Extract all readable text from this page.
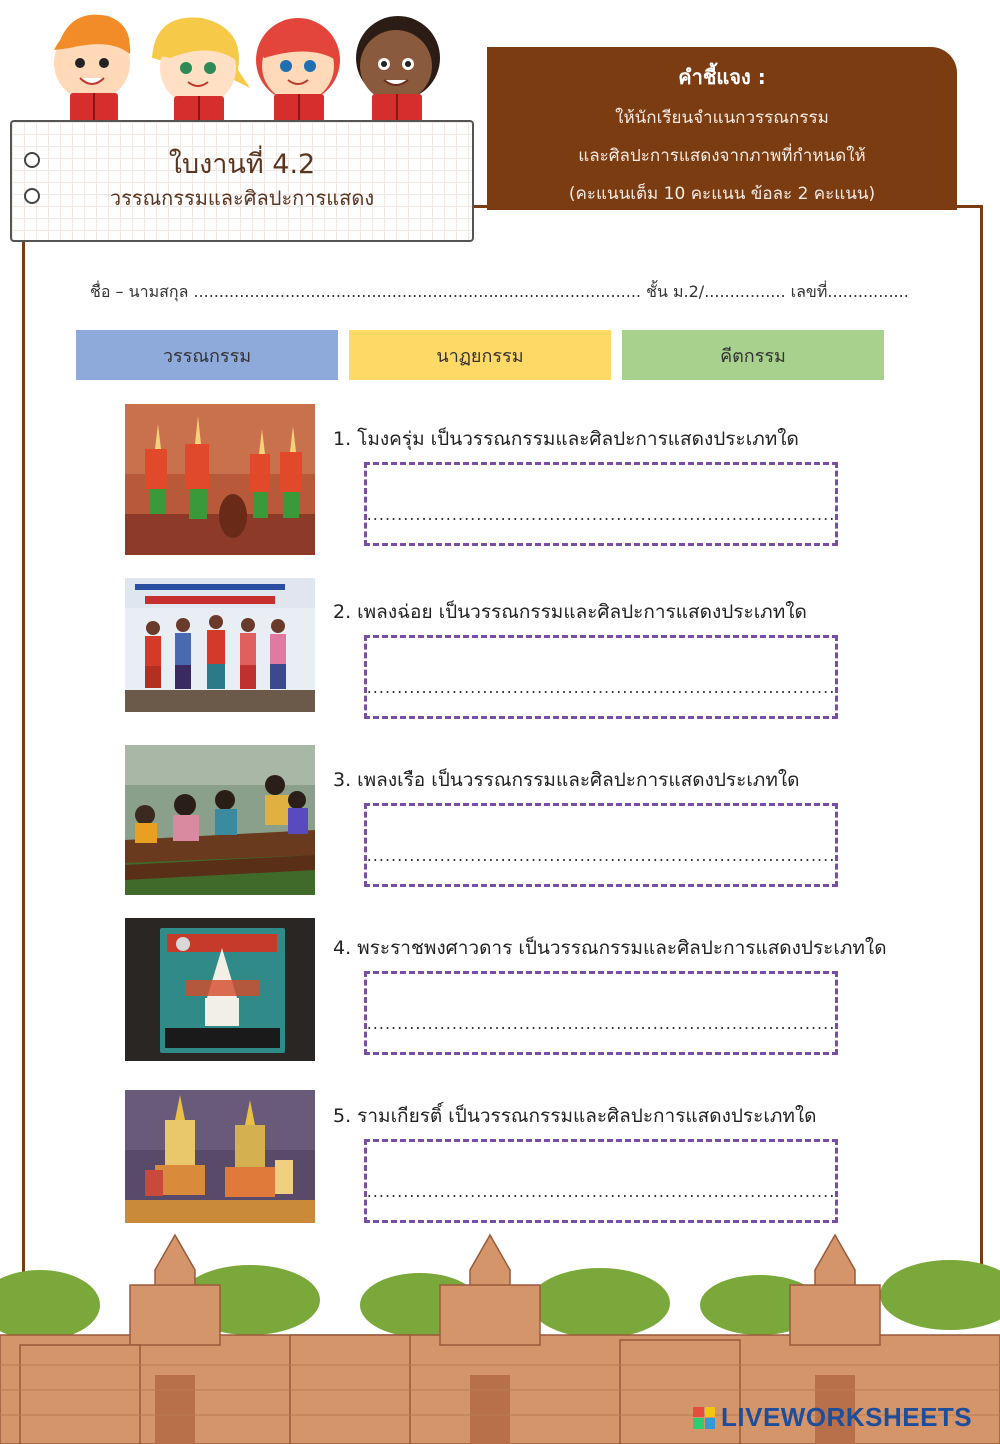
ใบงานที่ 4.2
วรรณกรรมและศิลปะการแสดง
คำชี้แจง :
ให้นักเรียนจำแนกวรรณกรรม
และศิลปะการแสดงจากภาพที่กำหนดให้
(คะแนนเต็ม 10 คะแนน ข้อละ 2 คะแนน)
ชื่อ – นามสกุล ........................................................................................ ชั้น ม.2/................ เลขที่................
วรรณกรรม	นาฏยกรรม	คีตกรรม
1. โมงครุ่ม เป็นวรรณกรรมและศิลปะการแสดงประเภทใด
.............................................................................
2. เพลงฉ่อย เป็นวรรณกรรมและศิลปะการแสดงประเภทใด
.............................................................................
3. เพลงเรือ เป็นวรรณกรรมและศิลปะการแสดงประเภทใด
.............................................................................
4. พระราชพงศาวดาร เป็นวรรณกรรมและศิลปะการแสดงประเภทใด
.............................................................................
5. รามเกียรติ์ เป็นวรรณกรรมและศิลปะการแสดงประเภทใด
.............................................................................
LIVEWORKSHEETS
